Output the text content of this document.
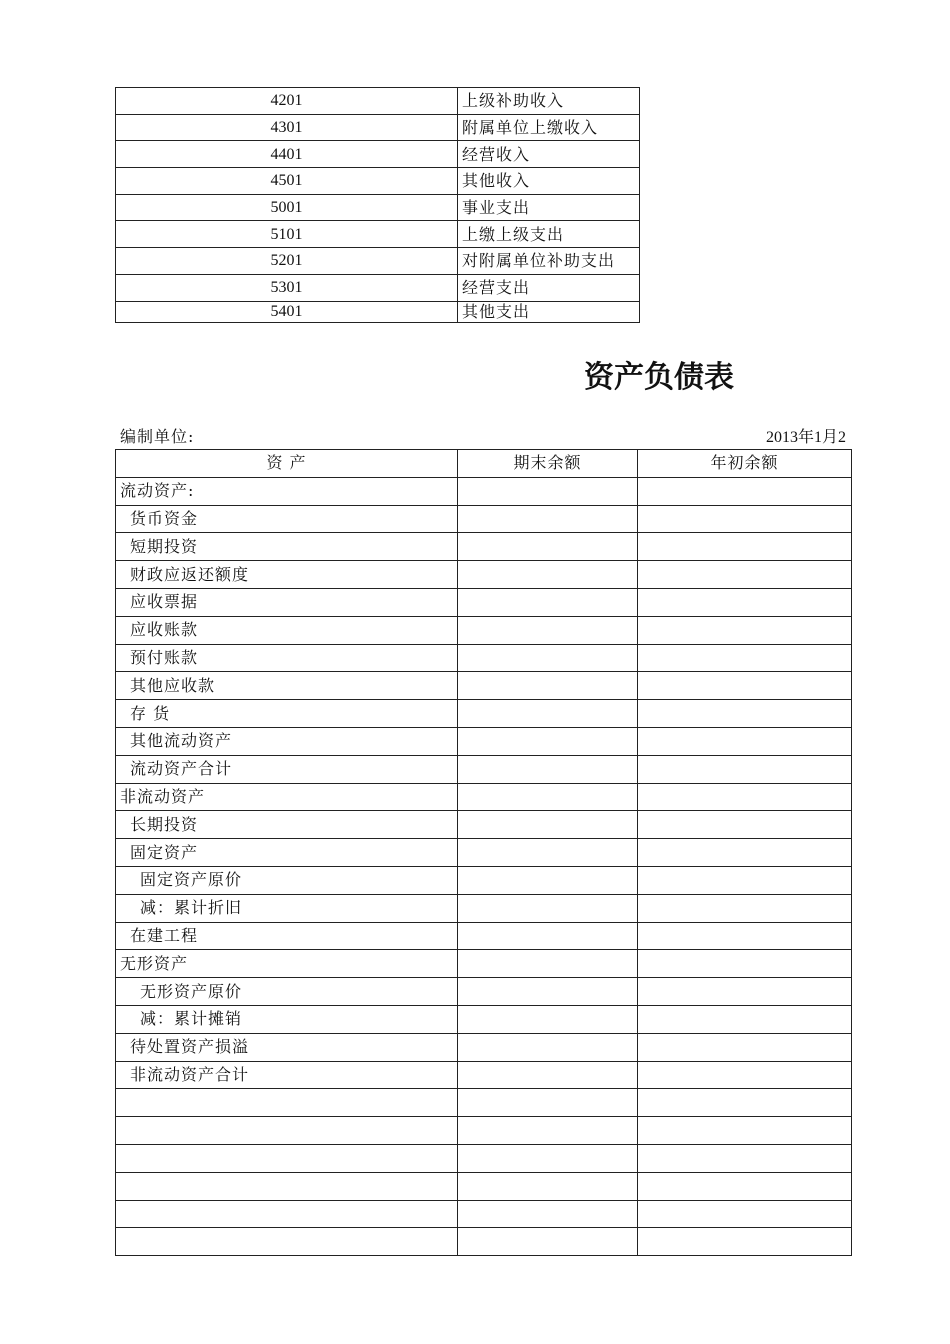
4201	上级补助收入
4301	附属单位上缴收入
4401	经营收入
4501	其他收入
5001	事业支出
5101	上缴上级支出
5201	对附属单位补助支出
5301	经营支出
5401	其他支出
资产负债表
编制单位:	2013年1月2
资 产	期末余额	年初余额
流动资产:		
货币资金		
短期投资		
财政应返还额度		
应收票据		
应收账款		
预付账款		
其他应收款		
存 货		
其他流动资产		
流动资产合计		
非流动资产		
长期投资		
固定资产		
固定资产原价		
减：累计折旧		
在建工程		
无形资产		
无形资产原价		
减：累计摊销		
待处置资产损溢		
非流动资产合计		
